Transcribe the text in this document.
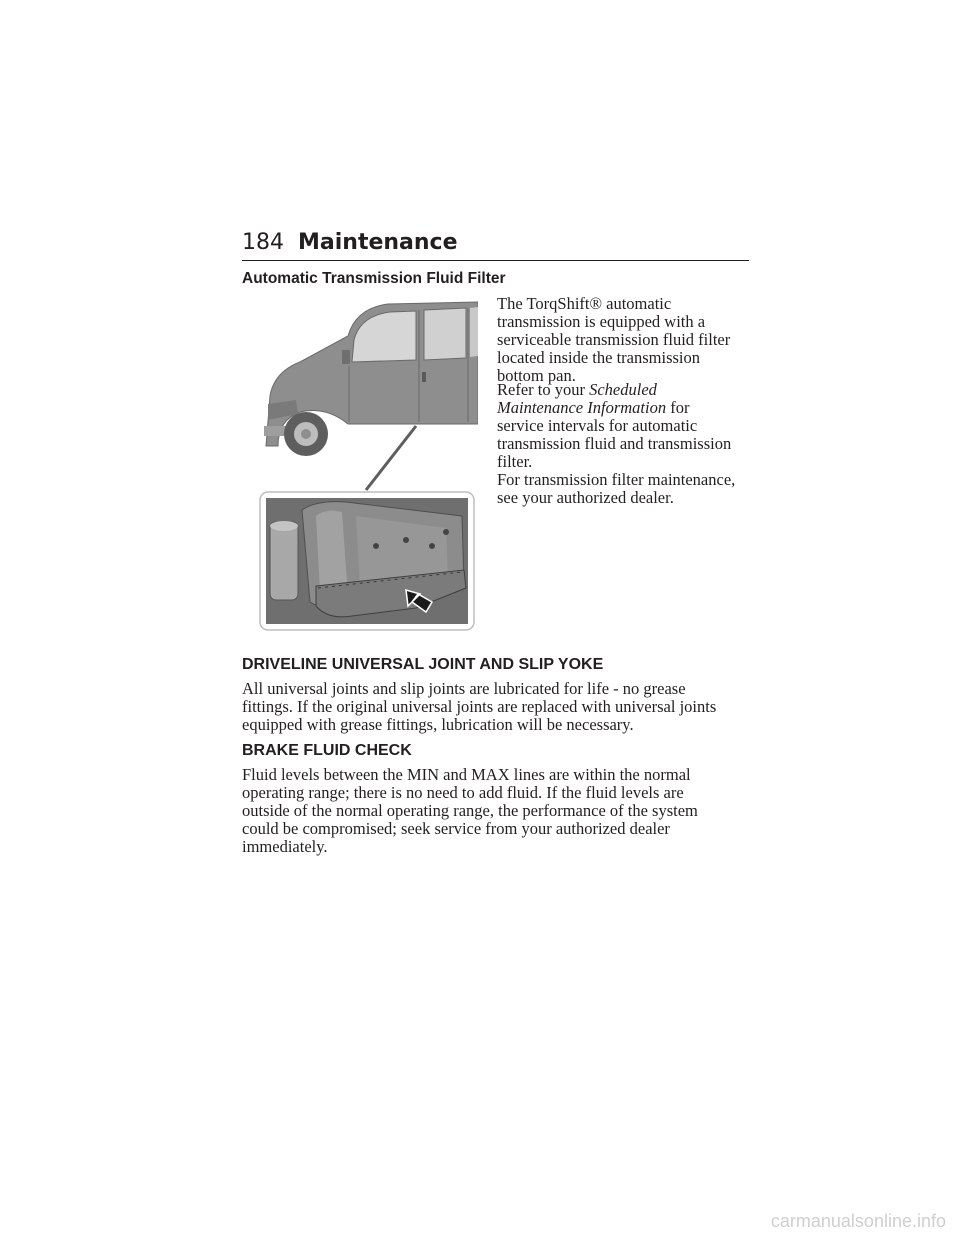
184 Maintenance
Automatic Transmission Fluid Filter
The TorqShift® automatic
transmission is equipped with a
serviceable transmission fluid filter
located inside the transmission
bottom pan.
Refer to your Scheduled
Maintenance Information for
service intervals for automatic
transmission fluid and transmission
filter.
For transmission filter maintenance,
see your authorized dealer.
DRIVELINE UNIVERSAL JOINT AND SLIP YOKE
All universal joints and slip joints are lubricated for life - no grease
fittings. If the original universal joints are replaced with universal joints
equipped with grease fittings, lubrication will be necessary.
BRAKE FLUID CHECK
Fluid levels between the MIN and MAX lines are within the normal
operating range; there is no need to add fluid. If the fluid levels are
outside of the normal operating range, the performance of the system
could be compromised; seek service from your authorized dealer
immediately.
carmanualsonline.info
